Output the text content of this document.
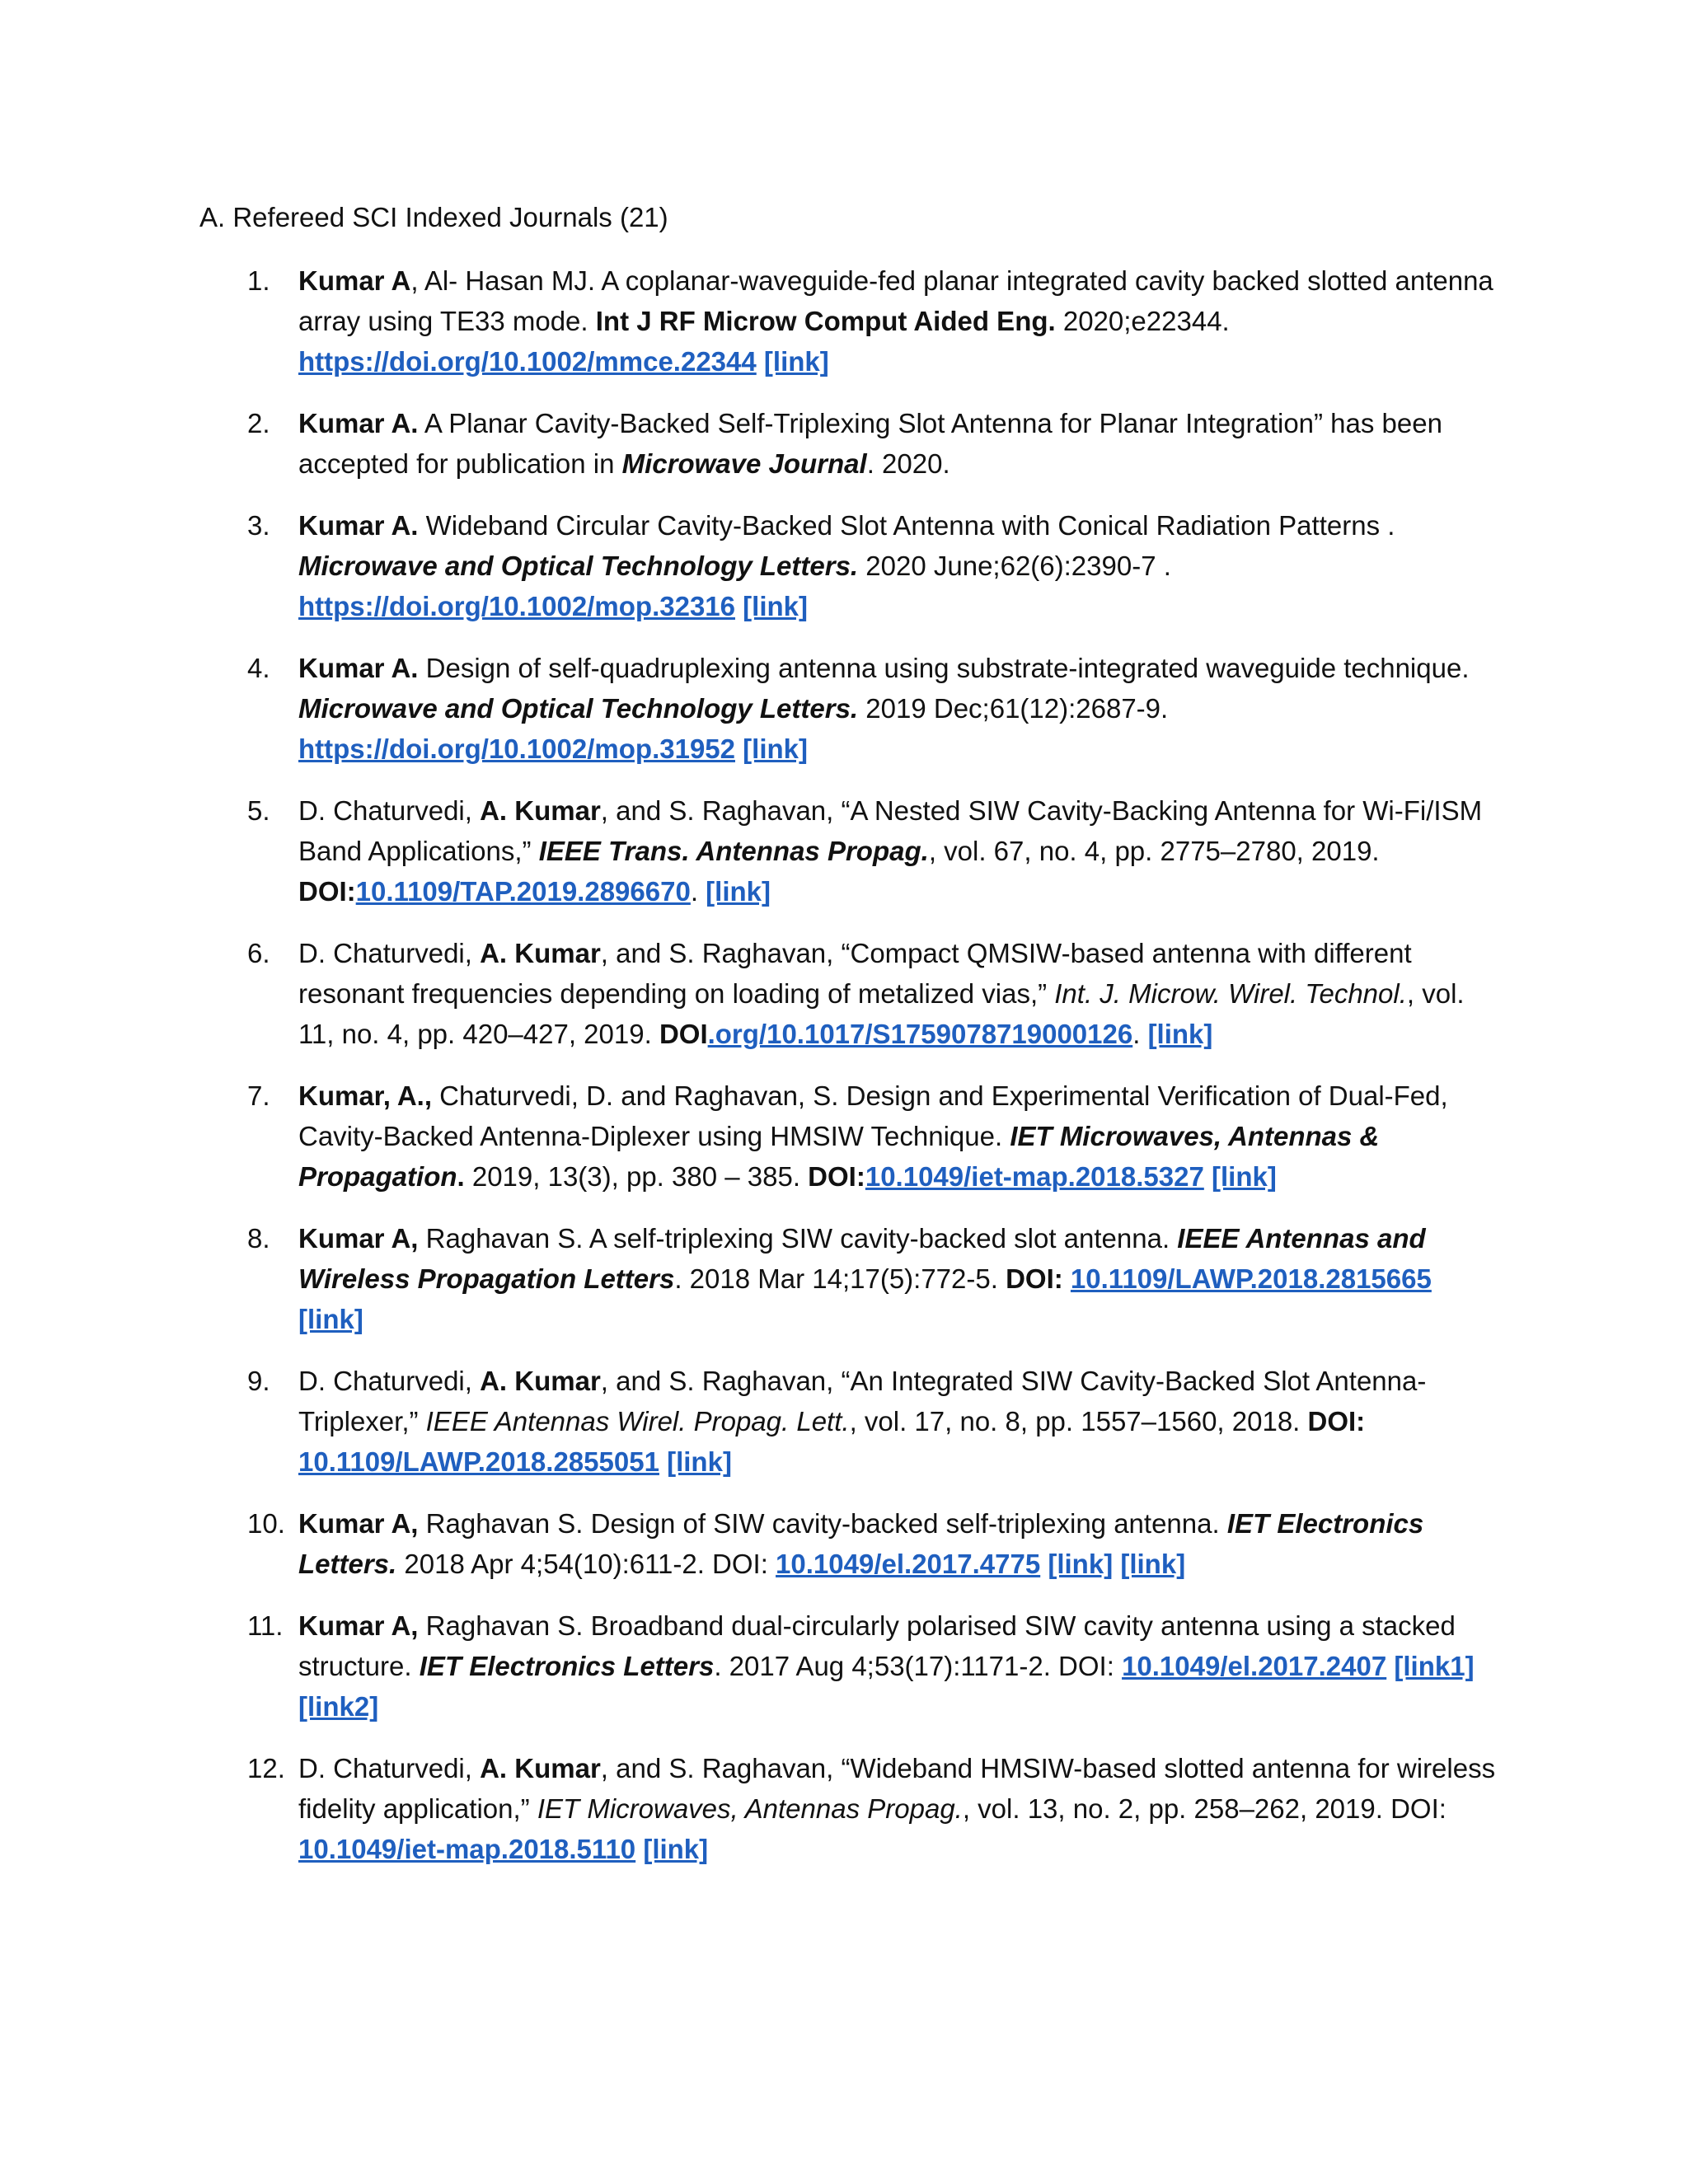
A. Refereed SCI Indexed Journals (21)
1. Kumar A, Al- Hasan MJ. A coplanar-waveguide-fed planar integrated cavity backed slotted antenna array using TE33 mode. Int J RF Microw Comput Aided Eng. 2020;e22344. https://doi.org/10.1002/mmce.22344 [link]
2. Kumar A. A Planar Cavity-Backed Self-Triplexing Slot Antenna for Planar Integration” has been accepted for publication in Microwave Journal. 2020.
3. Kumar A. Wideband Circular Cavity-Backed Slot Antenna with Conical Radiation Patterns . Microwave and Optical Technology Letters. 2020 June;62(6):2390-7 . https://doi.org/10.1002/mop.32316 [link]
4. Kumar A. Design of self-quadruplexing antenna using substrate-integrated waveguide technique. Microwave and Optical Technology Letters. 2019 Dec;61(12):2687-9. https://doi.org/10.1002/mop.31952 [link]
5. D. Chaturvedi, A. Kumar, and S. Raghavan, “A Nested SIW Cavity-Backing Antenna for Wi-Fi/ISM Band Applications,” IEEE Trans. Antennas Propag., vol. 67, no. 4, pp. 2775–2780, 2019. DOI:10.1109/TAP.2019.2896670. [link]
6. D. Chaturvedi, A. Kumar, and S. Raghavan, “Compact QMSIW-based antenna with different resonant frequencies depending on loading of metalized vias,” Int. J. Microw. Wirel. Technol., vol. 11, no. 4, pp. 420–427, 2019. DOI.org/10.1017/S1759078719000126. [link]
7. Kumar, A., Chaturvedi, D. and Raghavan, S. Design and Experimental Verification of Dual-Fed, Cavity-Backed Antenna-Diplexer using HMSIW Technique. IET Microwaves, Antennas & Propagation. 2019, 13(3), pp. 380 – 385. DOI:10.1049/iet-map.2018.5327 [link]
8. Kumar A, Raghavan S. A self-triplexing SIW cavity-backed slot antenna. IEEE Antennas and Wireless Propagation Letters. 2018 Mar 14;17(5):772-5. DOI: 10.1109/LAWP.2018.2815665 [link]
9. D. Chaturvedi, A. Kumar, and S. Raghavan, “An Integrated SIW Cavity-Backed Slot Antenna-Triplexer,” IEEE Antennas Wirel. Propag. Lett., vol. 17, no. 8, pp. 1557–1560, 2018. DOI: 10.1109/LAWP.2018.2855051 [link]
10. Kumar A, Raghavan S. Design of SIW cavity-backed self-triplexing antenna. IET Electronics Letters. 2018 Apr 4;54(10):611-2. DOI: 10.1049/el.2017.4775 [link] [link]
11. Kumar A, Raghavan S. Broadband dual-circularly polarised SIW cavity antenna using a stacked structure. IET Electronics Letters. 2017 Aug 4;53(17):1171-2. DOI: 10.1049/el.2017.2407 [link1] [link2]
12. D. Chaturvedi, A. Kumar, and S. Raghavan, “Wideband HMSIW-based slotted antenna for wireless fidelity application,” IET Microwaves, Antennas Propag., vol. 13, no. 2, pp. 258–262, 2019. DOI: 10.1049/iet-map.2018.5110 [link]
